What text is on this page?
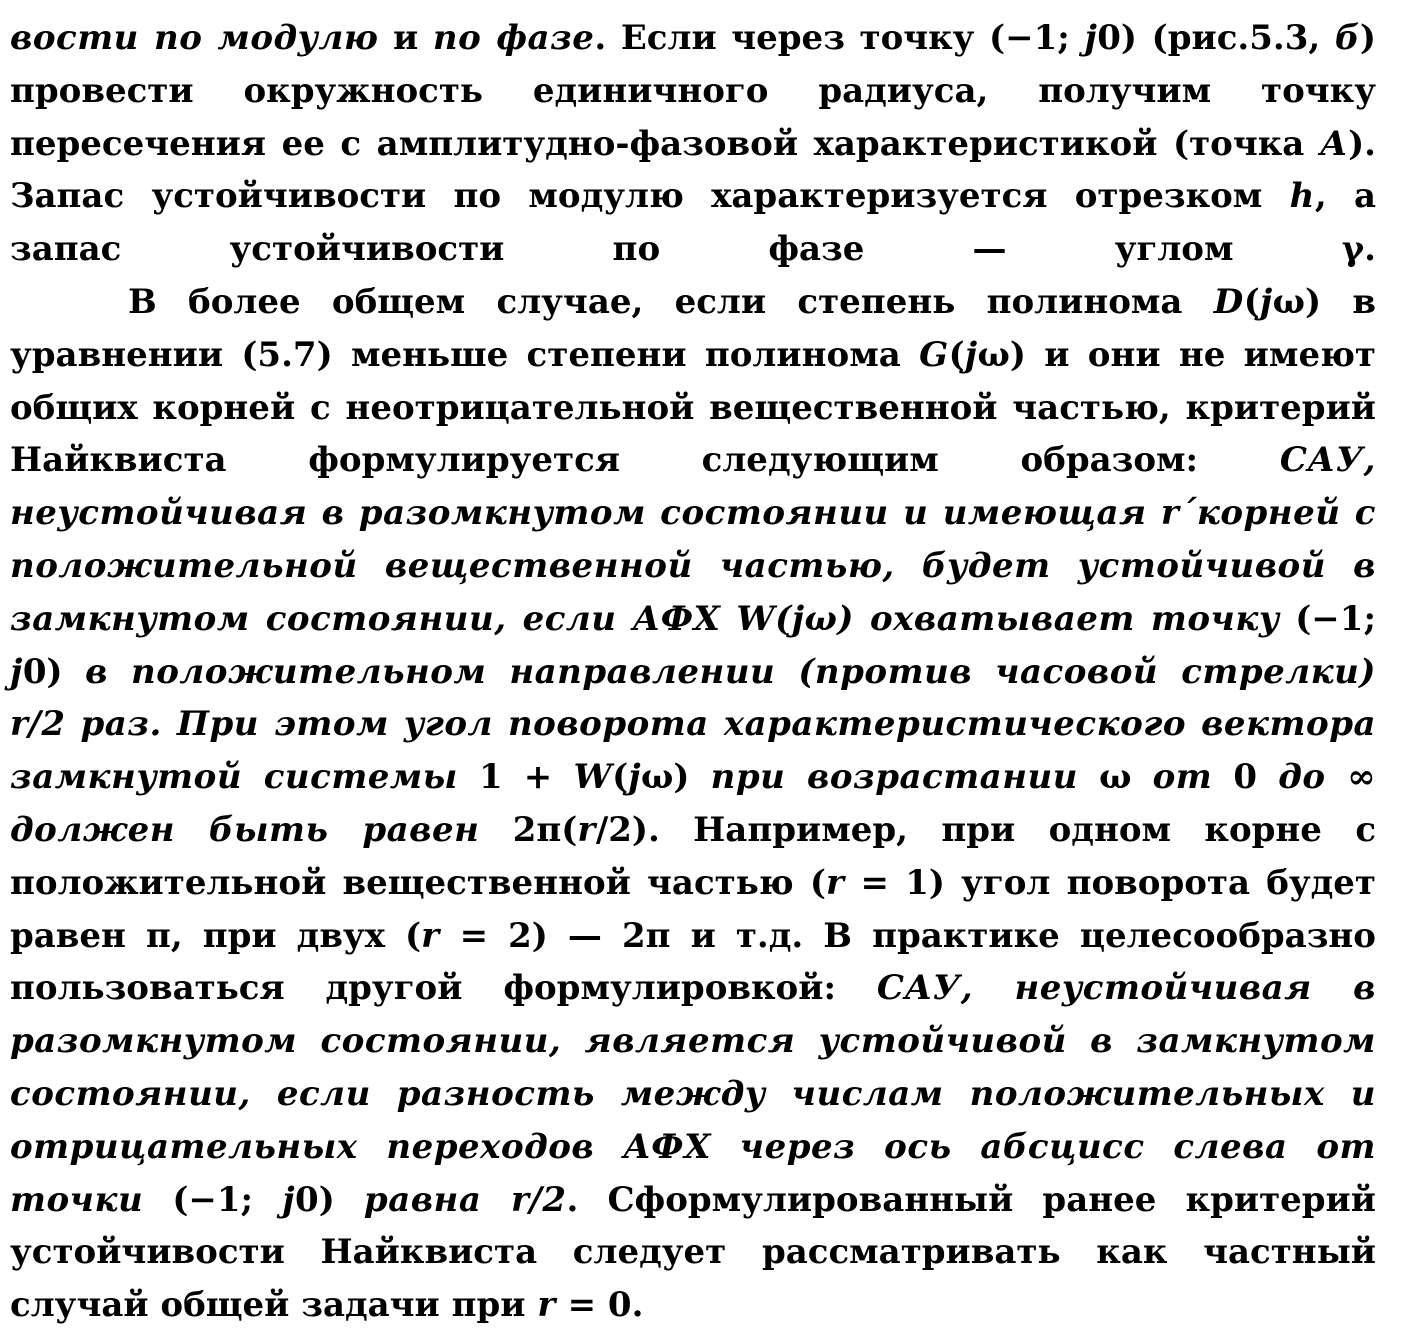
вости по модулю и по фазе. Если через точку (−1; j0) (рис.5.3, б) провести окружность единичного радиуса, получим точку пересечения ее с амплитудно-фазовой характеристикой (точка А). Запас устойчивости по модулю характеризуется отрезком h, а запас устойчивости по фазе — углом γ.

В более общем случае, если степень полинома D(jω) в уравнении (5.7) меньше степени полинома G(jω) и они не имеют общих корней с неотрицательной вещественной частью, критерий Найквиста формулируется следующим образом: САУ, неустойчивая в разомкнутом состоянии и имеющая r´корней с положительной вещественной частью, будет устойчивой в замкнутом состоянии, если АФХ W(jω) охватывает точку (−1; j0) в положительном направлении (против часовой стрелки) r/2 раз. При этом угол поворота характеристического вектора замкнутой системы 1 + W(jω) при возрастании ω от 0 до ∞ должен быть равен 2π(r/2). Например, при одном корне с положительной вещественной частью (r = 1) угол поворота будет равен π, при двух (r = 2) — 2π и т.д. В практике целесообразно пользоваться другой формулировкой: САУ, неустойчивая в разомкнутом состоянии, является устойчивой в замкнутом состоянии, если разность между числам положительных и отрицательных переходов АФХ через ось абсцисс слева от точки (−1; j0) равна r/2. Сформулированный ранее критерий устойчивости Найквиста следует рассматривать как частный случай общей задачи при r = 0.
